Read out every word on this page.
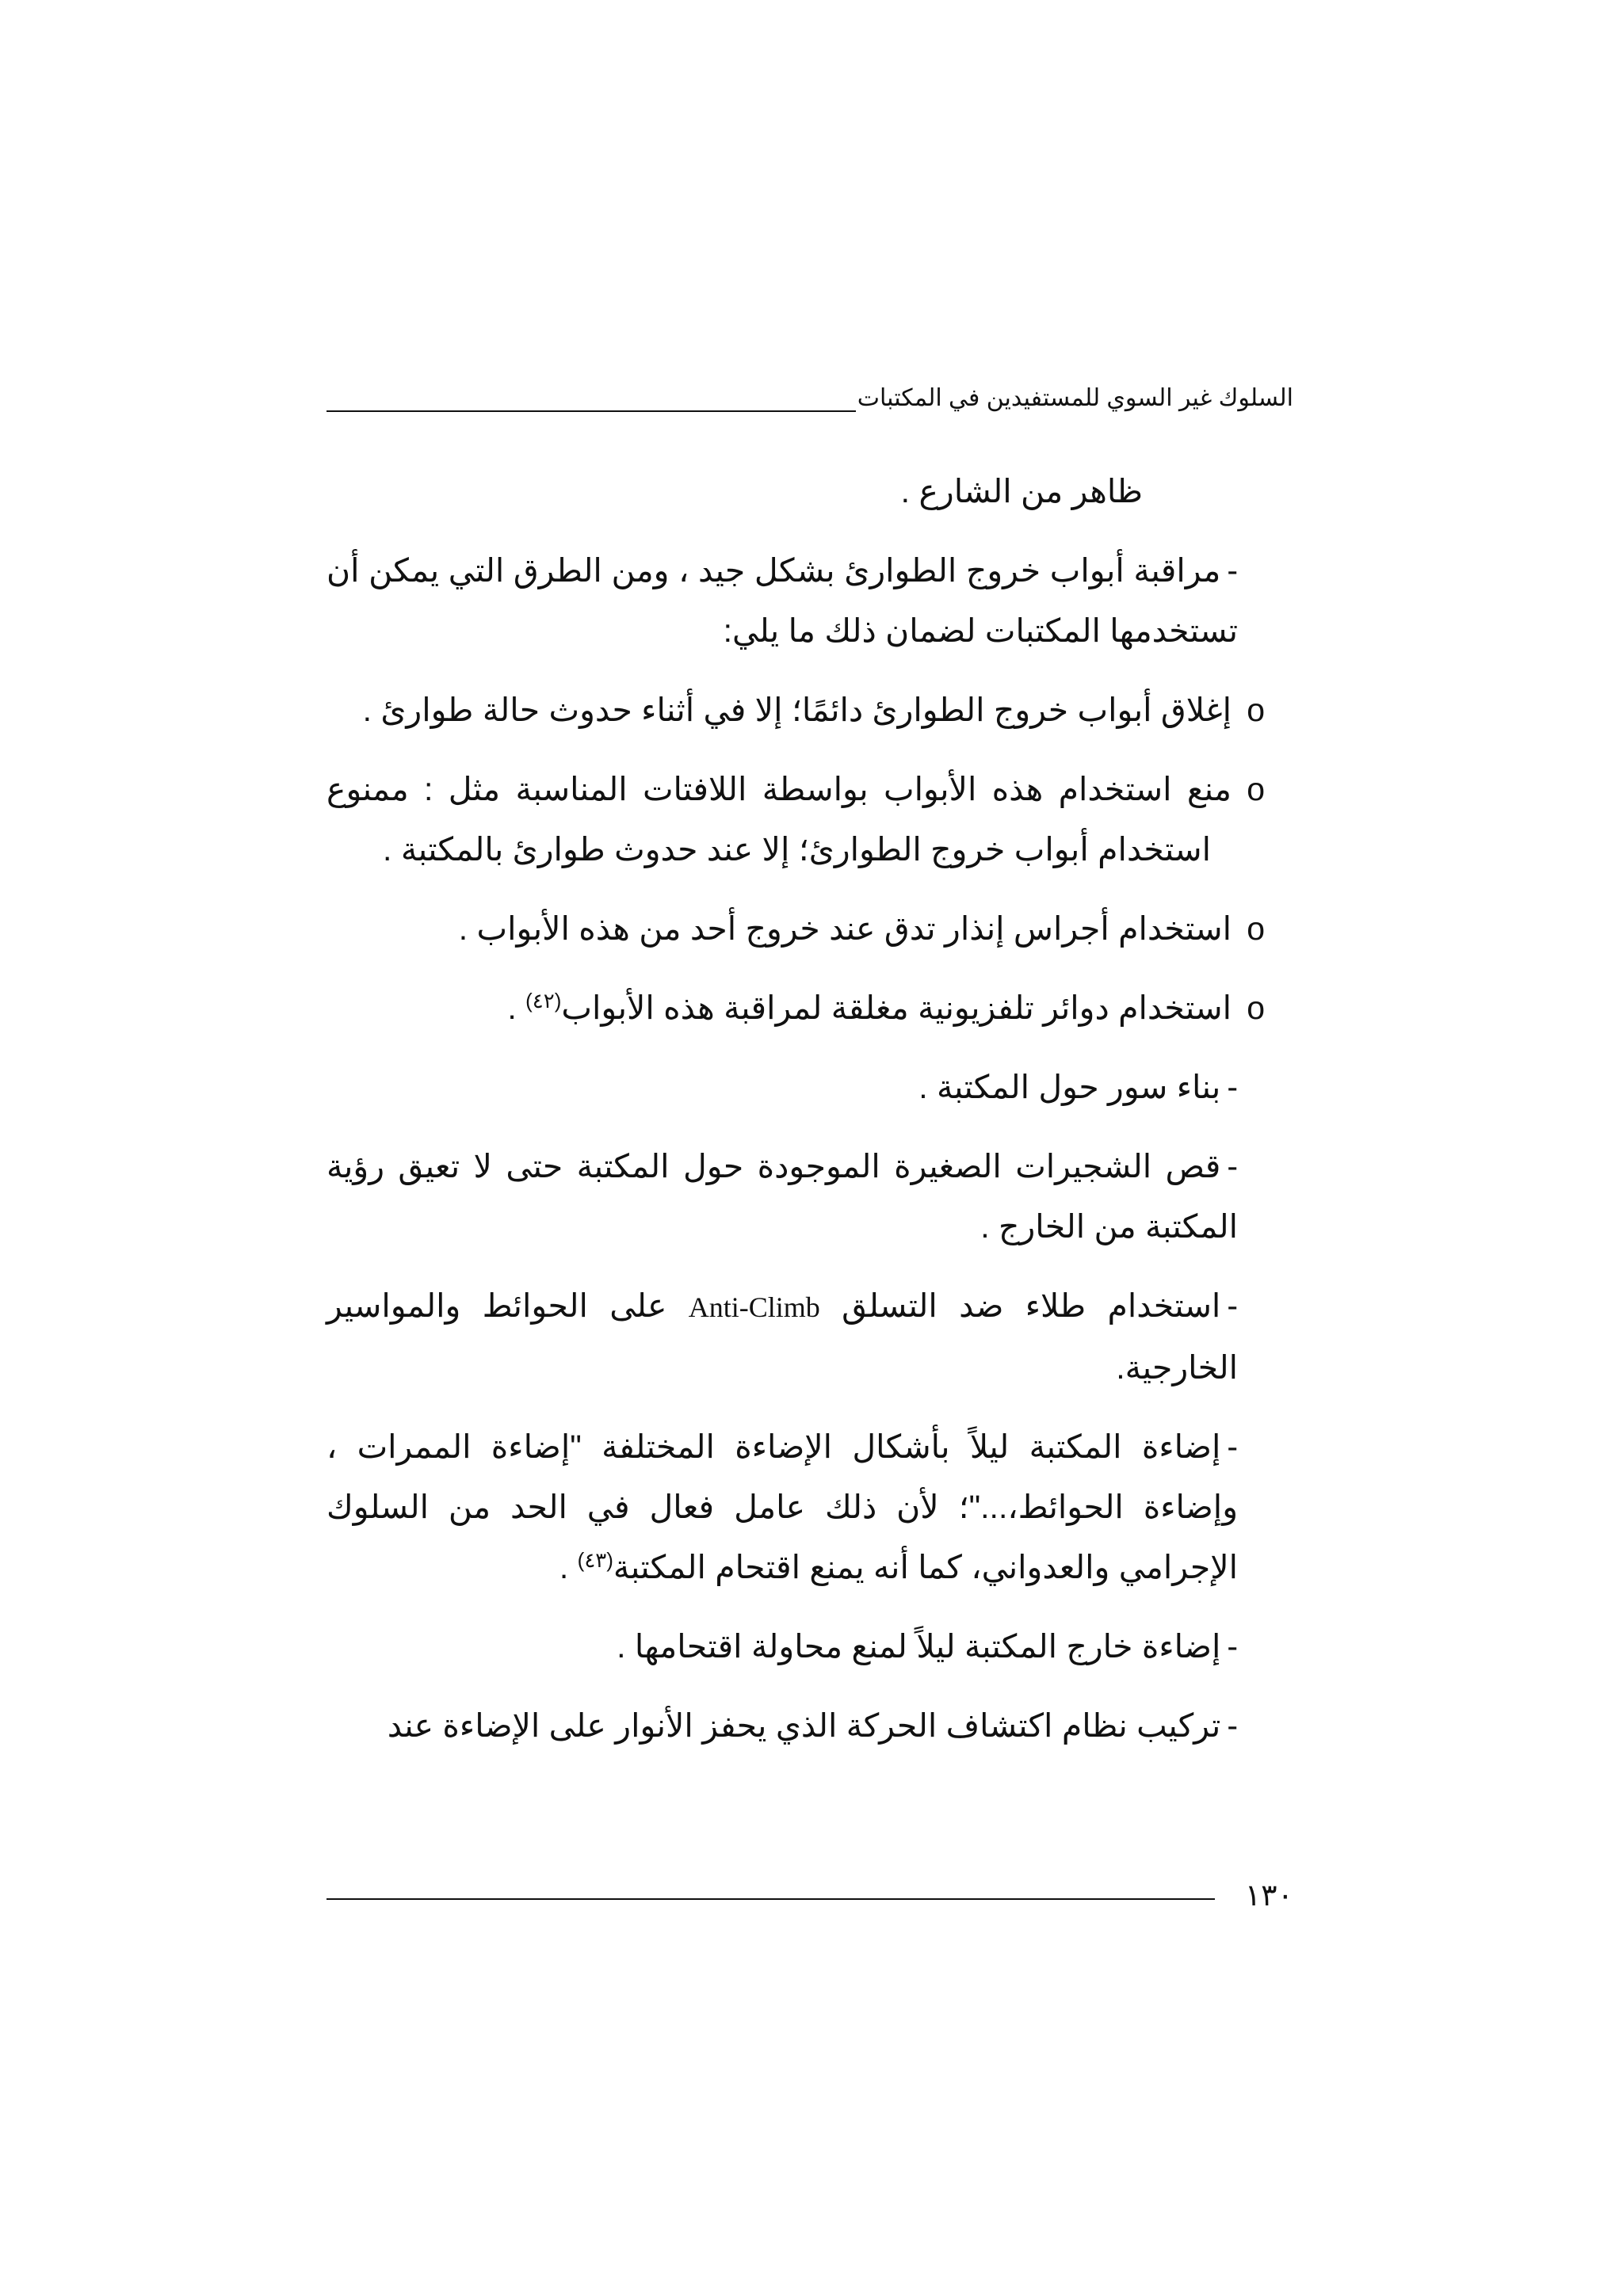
السلوك غير السوي للمستفيدين في المكتبات

ظاهر من الشارع .

-مراقبة أبواب خروج الطوارئ بشكل جيد ، ومن الطرق التي يمكن أن تستخدمها المكتبات لضمان ذلك ما يلي:

oإغلاق أبواب خروج الطوارئ دائمًا؛ إلا في أثناء حدوث حالة طوارئ .

oمنع استخدام هذه الأبواب بواسطة اللافتات المناسبة مثل : ممنوع استخدام أبواب خروج الطوارئ؛ إلا عند حدوث طوارئ بالمكتبة .

oاستخدام أجراس إنذار تدق عند خروج أحد من هذه الأبواب .

oاستخدام دوائر تلفزيونية مغلقة لمراقبة هذه الأبواب$^{(٤٢)}$ .

-بناء سور حول المكتبة .

-قص الشجيرات الصغيرة الموجودة حول المكتبة حتى لا تعيق رؤية المكتبة من الخارج .

-استخدام طلاء ضد التسلق Anti-Climb على الحوائط والمواسير الخارجية.

-إضاءة المكتبة ليلاً بأشكال الإضاءة المختلفة "إضاءة الممرات ، وإضاءة الحوائط،..."؛ لأن ذلك عامل فعال في الحد من السلوك الإجرامي والعدواني، كما أنه يمنع اقتحام المكتبة$^{(٤٣)}$ .

-إضاءة خارج المكتبة ليلاً لمنع محاولة اقتحامها .

-تركيب نظام اكتشاف الحركة الذي يحفز الأنوار على الإضاءة عند

١٣٠
